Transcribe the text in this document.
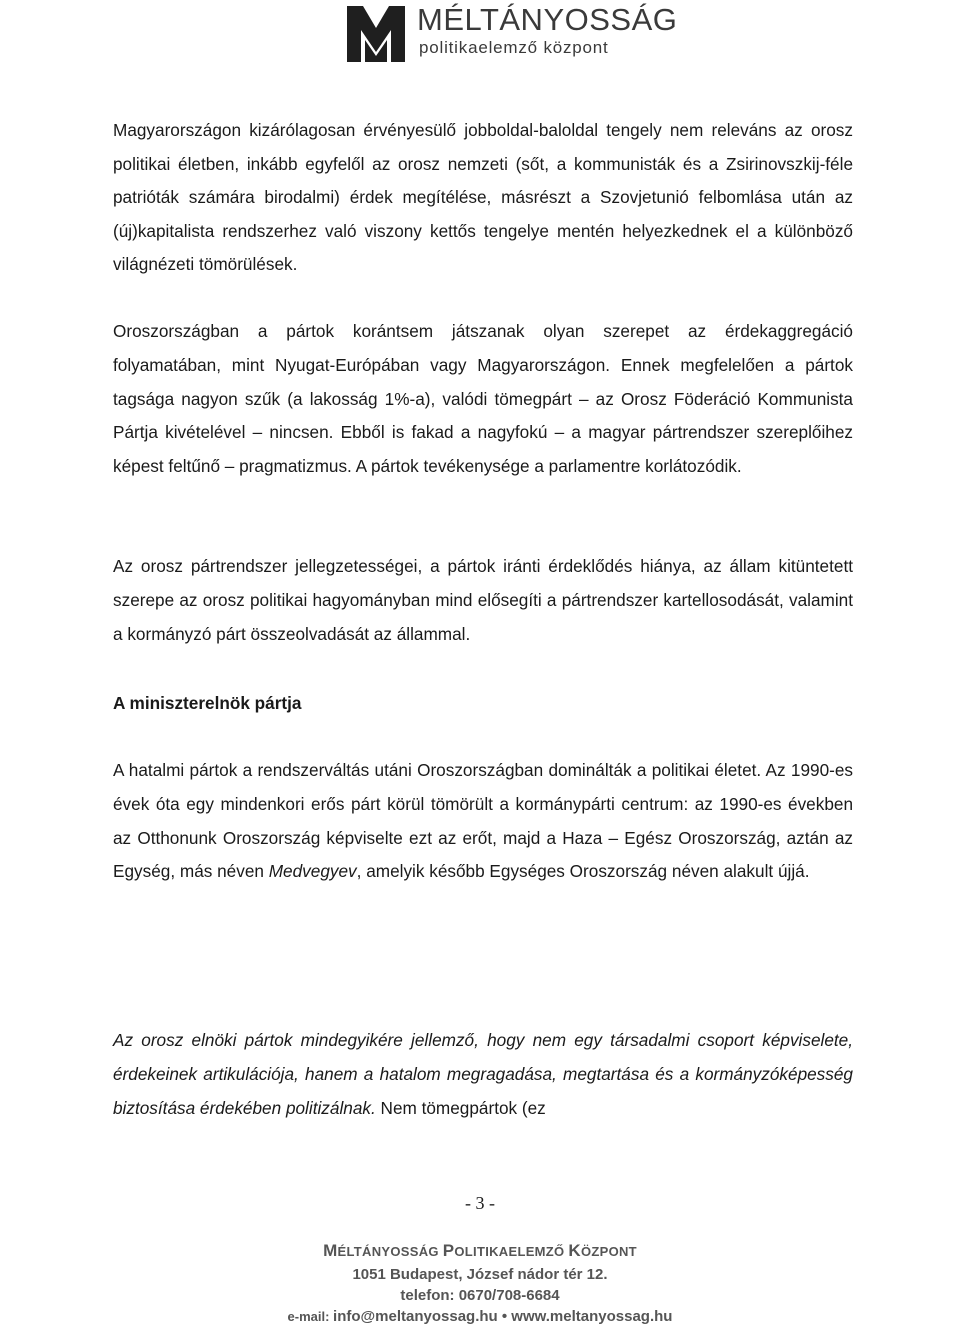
MÉLTÁNYOSSÁG
politikaelemző központ

Magyarországon kizárólagosan érvényesülő jobboldal-baloldal tengely nem releváns az orosz politikai életben, inkább egyfelől az orosz nemzeti (sőt, a kommunisták és a Zsirinovszkij-féle patrióták számára birodalmi) érdek megítélése, másrészt a Szovjetunió felbomlása után az (új)kapitalista rendszerhez való viszony kettős tengelye mentén helyezkednek el a különböző világnézeti tömörülések.

Oroszországban a pártok korántsem játszanak olyan szerepet az érdekaggregáció folyamatában, mint Nyugat-Európában vagy Magyarországon. Ennek megfelelően a pártok tagsága nagyon szűk (a lakosság 1%-a), valódi tömegpárt – az Orosz Föderáció Kommunista Pártja kivételével – nincsen. Ebből is fakad a nagyfokú – a magyar pártrendszer szereplőihez képest feltűnő – pragmatizmus. A pártok tevékenysége a parlamentre korlátozódik.

Az orosz pártrendszer jellegzetességei, a pártok iránti érdeklődés hiánya, az állam kitüntetett szerepe az orosz politikai hagyományban mind elősegíti a pártrendszer kartellosodását, valamint a kormányzó párt összeolvadását az állammal.

A miniszterelnök pártja

A hatalmi pártok a rendszerváltás utáni Oroszországban dominálták a politikai életet. Az 1990-es évek óta egy mindenkori erős párt körül tömörült a kormánypárti centrum: az 1990-es években az Otthonunk Oroszország képviselte ezt az erőt, majd a Haza – Egész Oroszország, aztán az Egység, más néven Medvegyev, amelyik később Egységes Oroszország néven alakult újjá.

Az orosz elnöki pártok mindegyikére jellemző, hogy nem egy társadalmi csoport képviselete, érdekeinek artikulációja, hanem a hatalom megragadása, megtartása és a kormányzóképesség biztosítása érdekében politizálnak. Nem tömegpártok (ez

- 3 -
MÉLTÁNYOSSÁG POLITIKAELEMZŐ KÖZPONT
1051 Budapest, József nádor tér 12.
telefon: 0670/708-6684
e-mail: info@meltanyossag.hu • www.meltanyossag.hu
